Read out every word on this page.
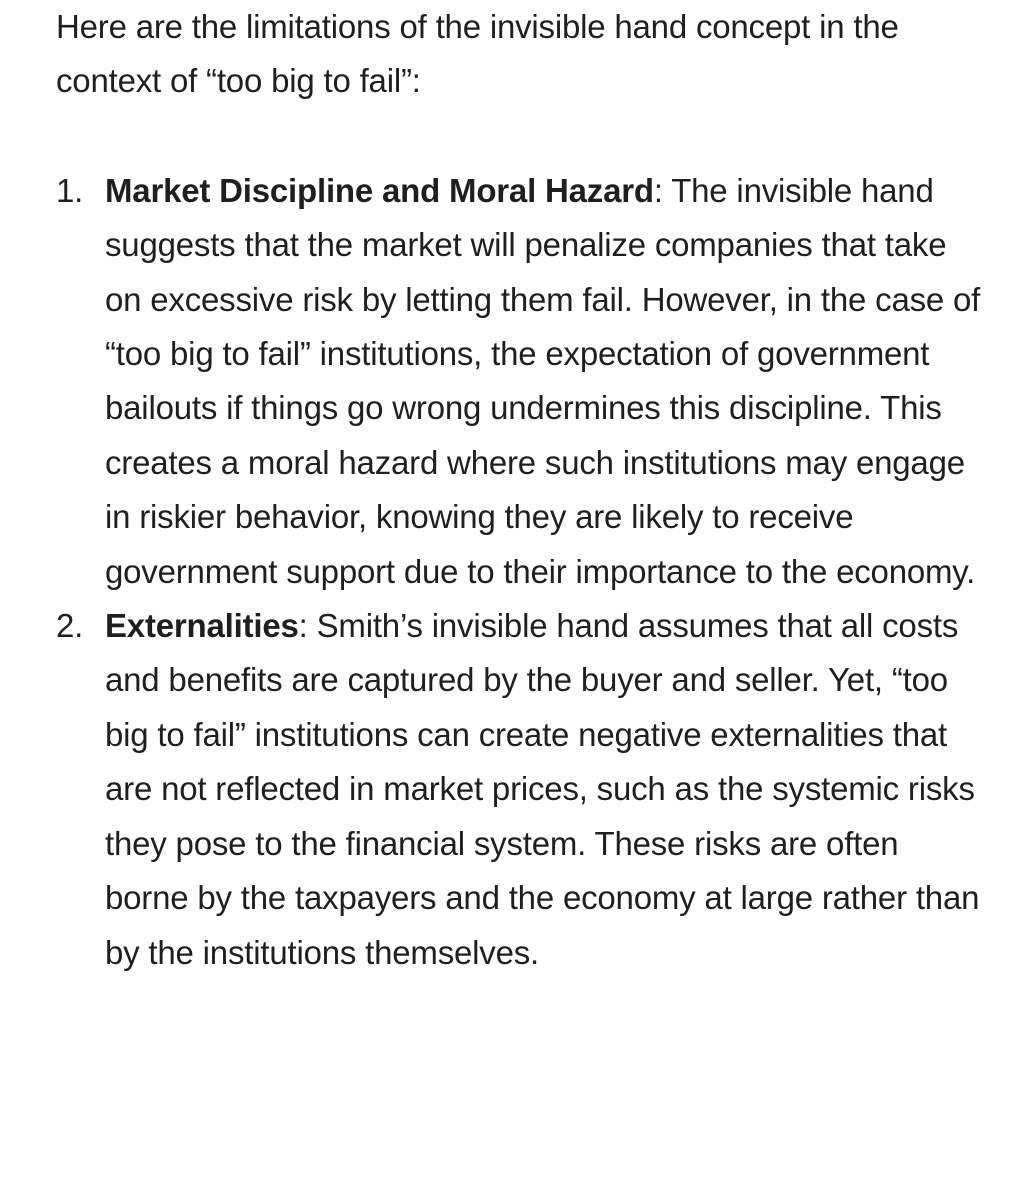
Here are the limitations of the invisible hand concept in the context of “too big to fail”:

1. Market Discipline and Moral Hazard: The invisible hand suggests that the market will penalize companies that take on excessive risk by letting them fail. However, in the case of “too big to fail” institutions, the expectation of government bailouts if things go wrong undermines this discipline. This creates a moral hazard where such institutions may engage in riskier behavior, knowing they are likely to receive government support due to their importance to the economy.
2. Externalities: Smith’s invisible hand assumes that all costs and benefits are captured by the buyer and seller. Yet, “too big to fail” institutions can create negative externalities that are not reflected in market prices, such as the systemic risks they pose to the financial system. These risks are often borne by the taxpayers and the economy at large rather than by the institutions themselves.
